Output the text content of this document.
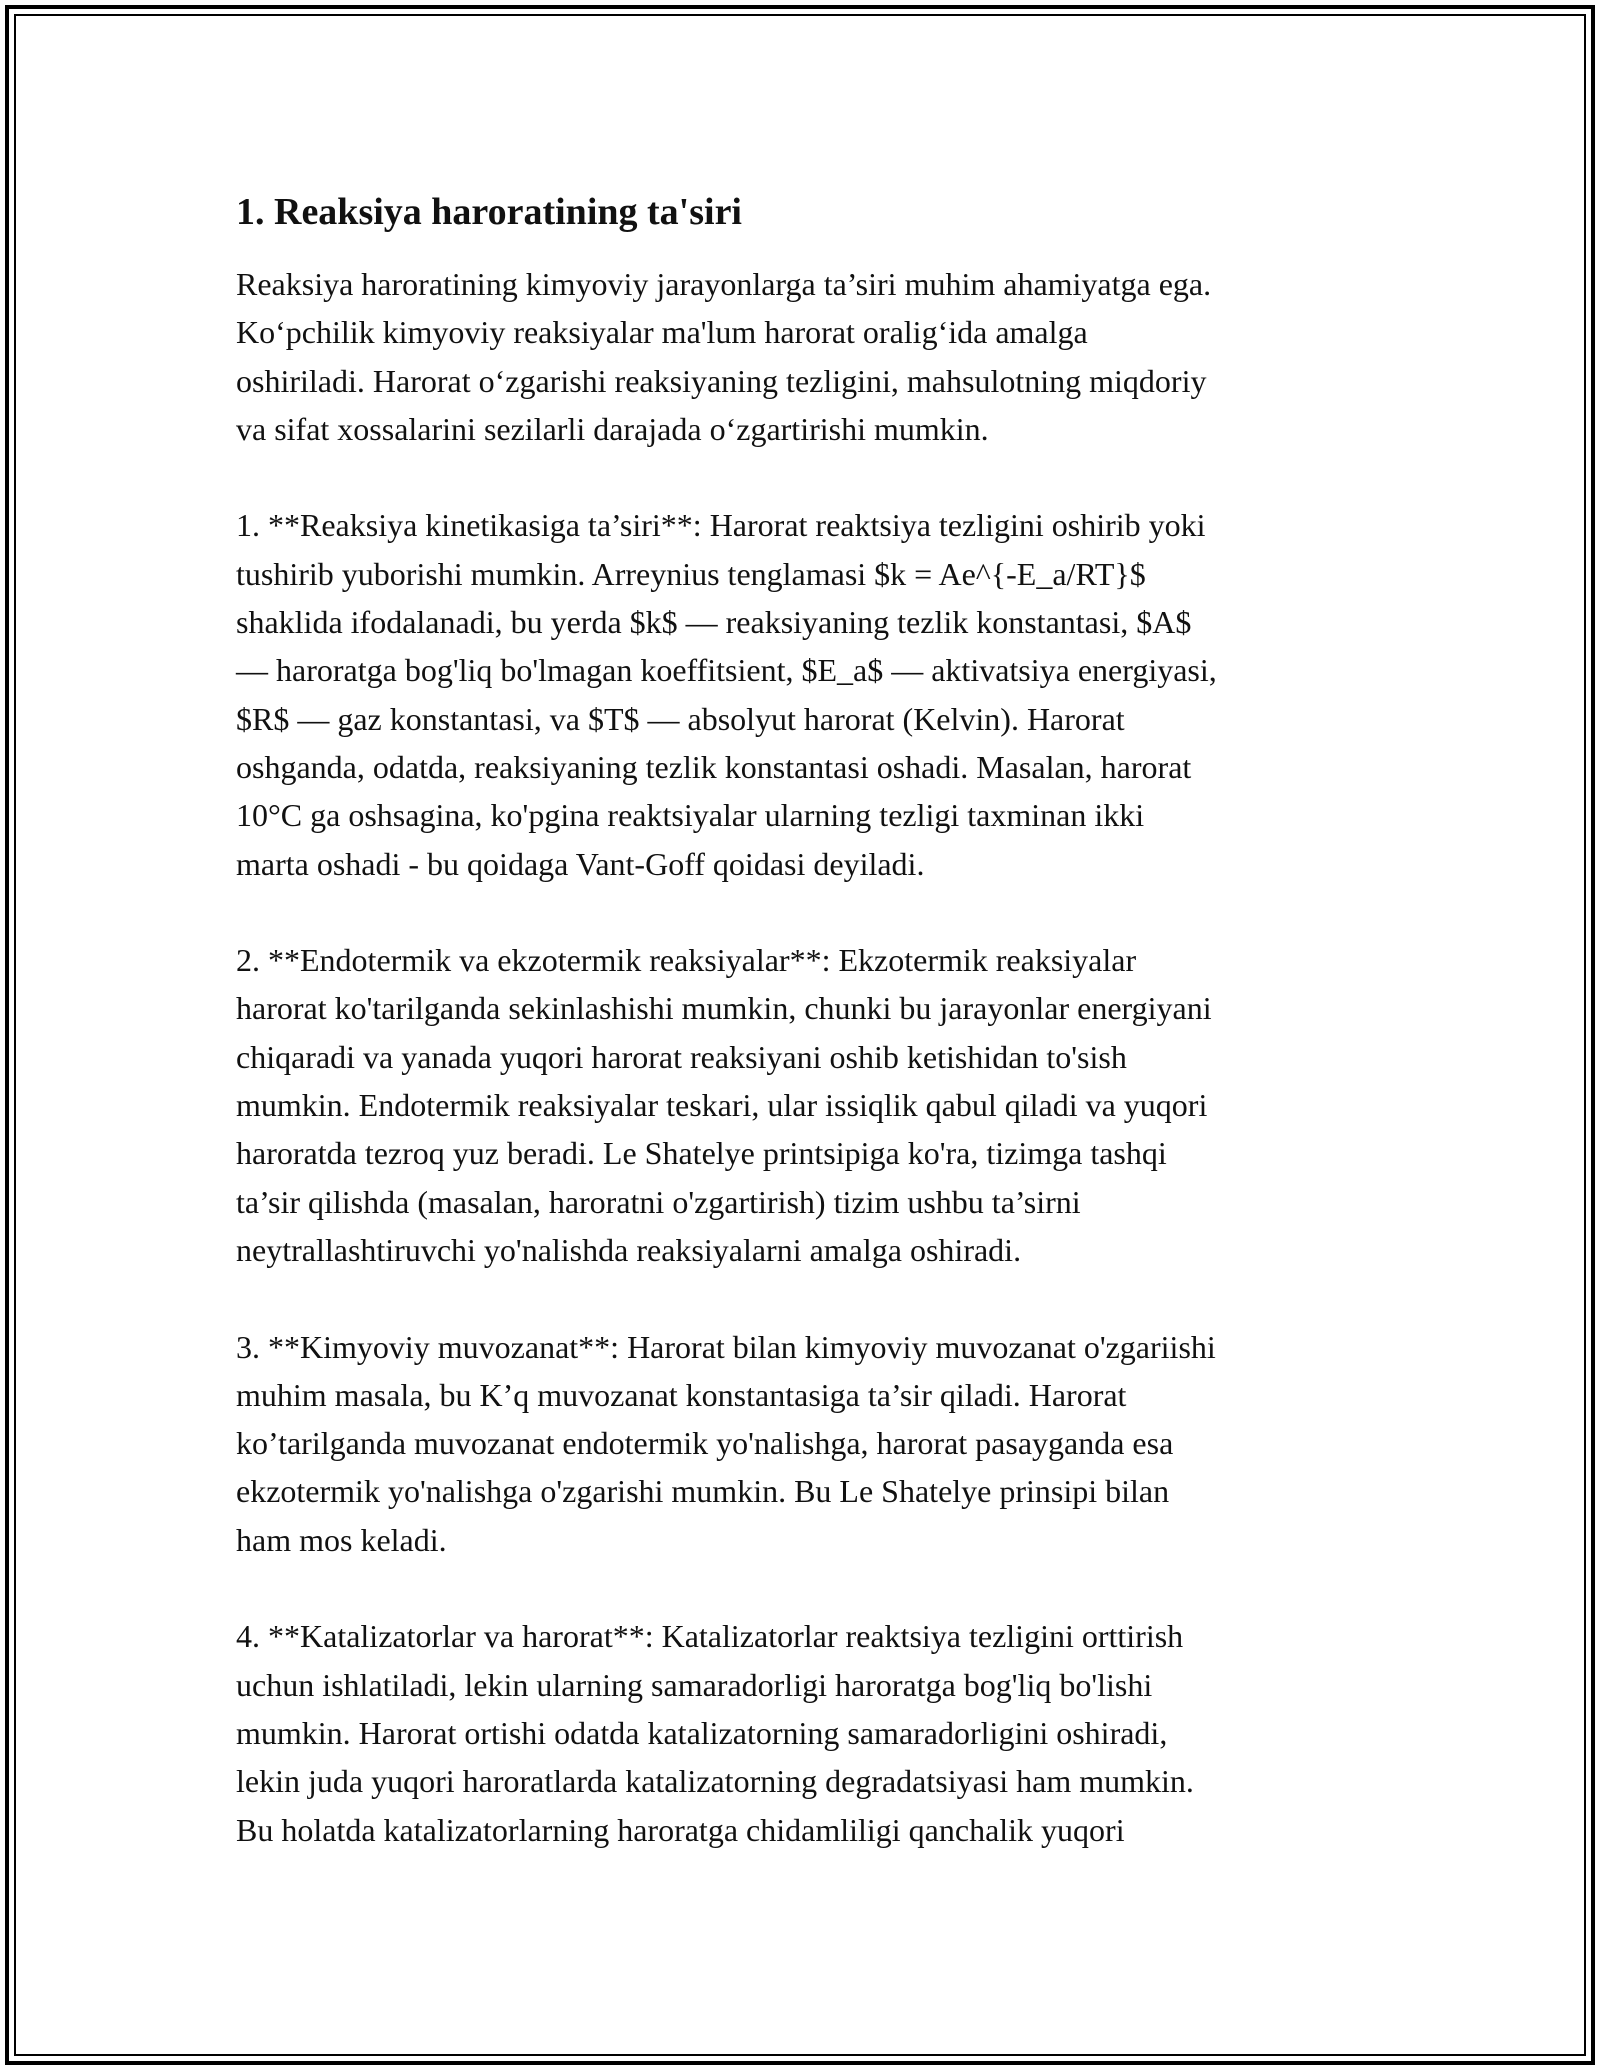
1. Reaksiya haroratining ta'siri

Reaksiya haroratining kimyoviy jarayonlarga ta’siri muhim ahamiyatga ega.
Ko‘pchilik kimyoviy reaksiyalar ma'lum harorat oralig‘ida amalga
oshiriladi. Harorat o‘zgarishi reaksiyaning tezligini, mahsulotning miqdoriy
va sifat xossalarini sezilarli darajada o‘zgartirishi mumkin.

1. **Reaksiya kinetikasiga ta’siri**: Harorat reaktsiya tezligini oshirib yoki
tushirib yuborishi mumkin. Arreynius tenglamasi $k = Ae^{-E_a/RT}$
shaklida ifodalanadi, bu yerda $k$ — reaksiyaning tezlik konstantasi, $A$
— haroratga bog'liq bo'lmagan koeffitsient, $E_a$ — aktivatsiya energiyasi,
$R$ — gaz konstantasi, va $T$ — absolyut harorat (Kelvin). Harorat
oshganda, odatda, reaksiyaning tezlik konstantasi oshadi. Masalan, harorat
10°C ga oshsagina, ko'pgina reaktsiyalar ularning tezligi taxminan ikki
marta oshadi - bu qoidaga Vant-Goff qoidasi deyiladi.

2. **Endotermik va ekzotermik reaksiyalar**: Ekzotermik reaksiyalar
harorat ko'tarilganda sekinlashishi mumkin, chunki bu jarayonlar energiyani
chiqaradi va yanada yuqori harorat reaksiyani oshib ketishidan to'sish
mumkin. Endotermik reaksiyalar teskari, ular issiqlik qabul qiladi va yuqori
haroratda tezroq yuz beradi. Le Shatelye printsipiga ko'ra, tizimga tashqi
ta’sir qilishda (masalan, haroratni o'zgartirish) tizim ushbu ta’sirni
neytrallashtiruvchi yo'nalishda reaksiyalarni amalga oshiradi.

3. **Kimyoviy muvozanat**: Harorat bilan kimyoviy muvozanat o'zgariishi
muhim masala, bu K’q muvozanat konstantasiga ta’sir qiladi. Harorat
ko’tarilganda muvozanat endotermik yo'nalishga, harorat pasayganda esa
ekzotermik yo'nalishga o'zgarishi mumkin. Bu Le Shatelye prinsipi bilan
ham mos keladi.

4. **Katalizatorlar va harorat**: Katalizatorlar reaktsiya tezligini orttirish
uchun ishlatiladi, lekin ularning samaradorligi haroratga bog'liq bo'lishi
mumkin. Harorat ortishi odatda katalizatorning samaradorligini oshiradi,
lekin juda yuqori haroratlarda katalizatorning degradatsiyasi ham mumkin.
Bu holatda katalizatorlarning haroratga chidamliligi qanchalik yuqori
